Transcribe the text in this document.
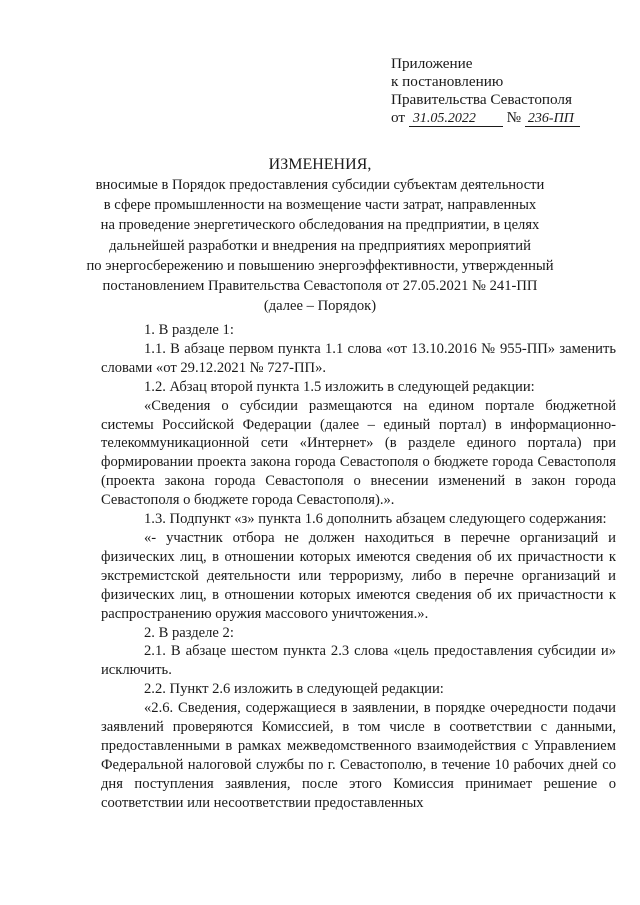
Приложение
к постановлению
Правительства Севастополя
от 31.05.2022 № 236-ПП
ИЗМЕНЕНИЯ,
вносимые в Порядок предоставления субсидии субъектам деятельности
в сфере промышленности на возмещение части затрат, направленных
на проведение энергетического обследования на предприятии, в целях
дальнейшей разработки и внедрения на предприятиях мероприятий
по энергосбережению и повышению энергоэффективности, утвержденный
постановлением Правительства Севастополя от 27.05.2021 № 241-ПП
(далее – Порядок)

1. В разделе 1:

1.1. В абзаце первом пункта 1.1 слова «от 13.10.2016 № 955-ПП» заменить словами «от 29.12.2021 № 727-ПП».

1.2. Абзац второй пункта 1.5 изложить в следующей редакции:

«Сведения о субсидии размещаются на едином портале бюджетной системы Российской Федерации (далее – единый портал) в информационно-телекоммуникационной сети «Интернет» (в разделе единого портала) при формировании проекта закона города Севастополя о бюджете города Севастополя (проекта закона города Севастополя о внесении изменений в закон города Севастополя о бюджете города Севастополя).».

1.3. Подпункт «з» пункта 1.6 дополнить абзацем следующего содержания:

«- участник отбора не должен находиться в перечне организаций и физических лиц, в отношении которых имеются сведения об их причастности к экстремистской деятельности или терроризму, либо в перечне организаций и физических лиц, в отношении которых имеются сведения об их причастности к распространению оружия массового уничтожения.».

2. В разделе 2:

2.1. В абзаце шестом пункта 2.3 слова «цель предоставления субсидии и» исключить.

2.2. Пункт 2.6 изложить в следующей редакции:

«2.6. Сведения, содержащиеся в заявлении, в порядке очередности подачи заявлений проверяются Комиссией, в том числе в соответствии с данными, предоставленными в рамках межведомственного взаимодействия с Управлением Федеральной налоговой службы по г. Севастополю, в течение 10 рабочих дней со дня поступления заявления, после этого Комиссия принимает решение о соответствии или несоответствии предоставленных
